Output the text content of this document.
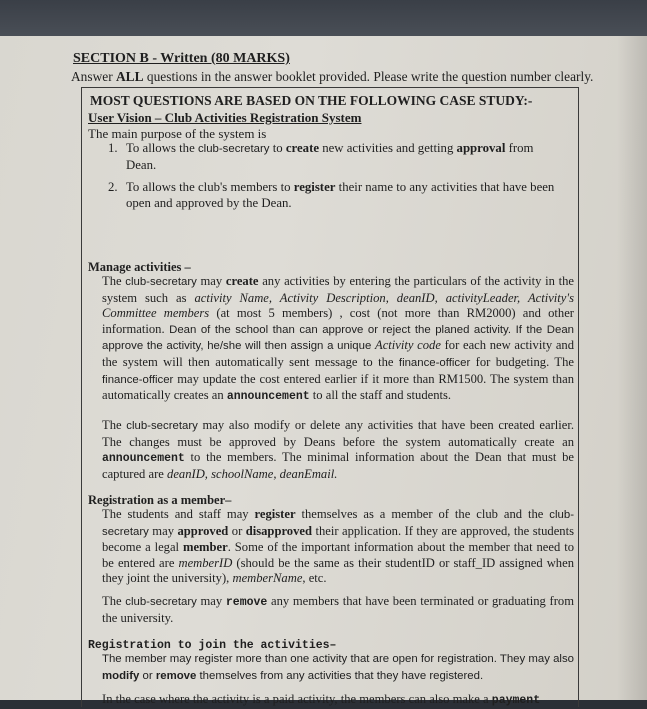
SECTION B - Written (80 MARKS)
Answer ALL questions in the answer booklet provided. Please write the question number clearly.
MOST QUESTIONS ARE BASED ON THE FOLLOWING CASE STUDY:-
User Vision – Club Activities Registration System
The main purpose of the system is
1. To allows the club-secretary to create new activities and getting approval from Dean.
2. To allows the club's members to register their name to any activities that have been open and approved by the Dean.
Manage activities –
The club-secretary may create any activities by entering the particulars of the activity in the system such as activity Name, Activity Description, deanID, activityLeader, Activity's Committee members (at most 5 members) , cost (not more than RM2000) and other information. Dean of the school than can approve or reject the planed activity. If the Dean approve the activity, he/she will then assign a unique Activity code for each new activity and the system will then automatically sent message to the finance-officer for budgeting. The finance-officer may update the cost entered earlier if it more than RM1500. The system than automatically creates an announcement to all the staff and students.
The club-secretary may also modify or delete any activities that have been created earlier. The changes must be approved by Deans before the system automatically create an announcement to the members. The minimal information about the Dean that must be captured are deanID, schoolName, deanEmail.
Registration as a member–
The students and staff may register themselves as a member of the club and the club-secretary may approved or disapproved their application. If they are approved, the students become a legal member. Some of the important information about the member that need to be entered are memberID (should be the same as their studentID or staff_ID assigned when they joint the university), memberName, etc.
The club-secretary may remove any members that have been terminated or graduating from the university.
Registration to join the activities–
The member may register more than one activity that are open for registration. They may also modify or remove themselves from any activities that they have registered.
In the case where the activity is a paid activity, the members can also make a payment
